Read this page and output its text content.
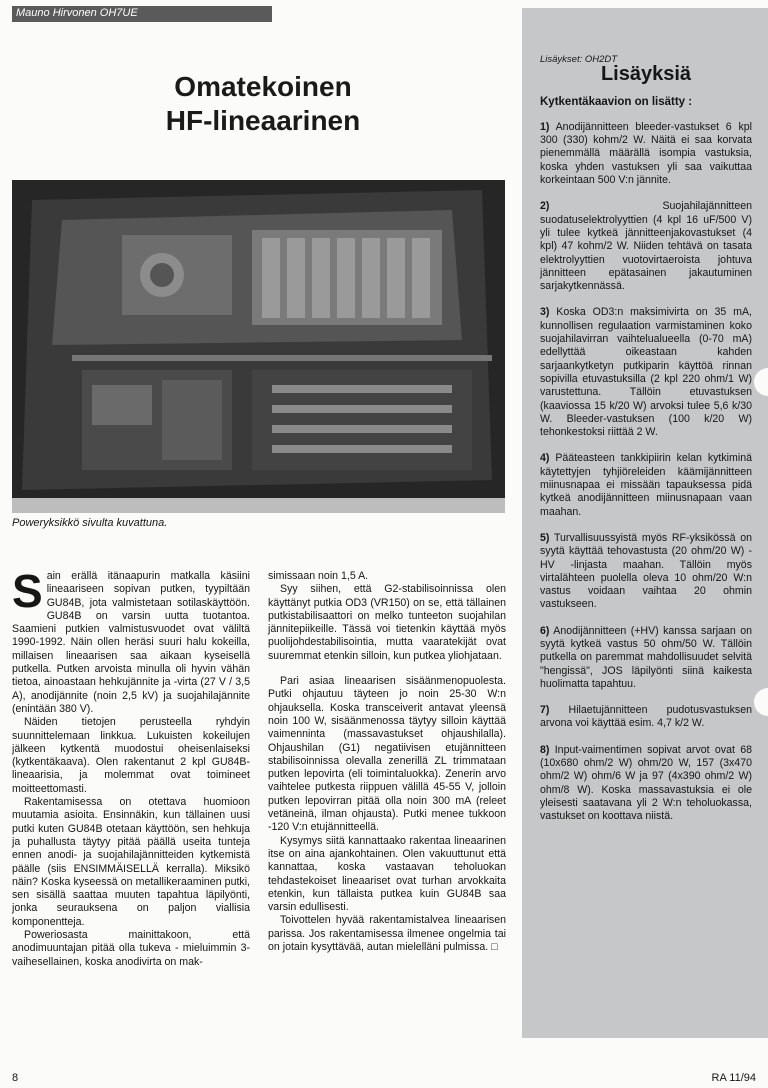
Mauno Hirvonen OH7UE
Omatekoinen
HF-lineaarinen
Poweryksikkö sivulta kuvattuna.

Sain erällä itänaapurin matkalla käsiini lineaariseen sopivan putken, tyypiltään GU84B, jota valmistetaan sotilaskäyttöön. GU84B on varsin uutta tuotantoa. Saamieni putkien valmistusvuodet ovat väliltä 1990-1992. Näin ollen heräsi suuri halu kokeilla, millaisen lineaarisen saa aikaan kyseisellä putkella. Putken arvoista minulla oli hyvin vähän tietoa, ainoastaan hehkujännite ja -virta (27 V / 3,5 A), anodijännite (noin 2,5 kV) ja suojahilajännite (enintään 380 V).

Näiden tietojen perusteella ryhdyin suunnittelemaan linkkua. Lukuisten kokeilujen jälkeen kytkentä muodostui oheisenlaiseksi (kytkentäkaava). Olen rakentanut 2 kpl GU84B-lineaarisia, ja molemmat ovat toimineet moitteettomasti.

Rakentamisessa on otettava huomioon muutamia asioita. Ensinnäkin, kun tällainen uusi putki kuten GU84B otetaan käyttöön, sen hehkuja ja puhallusta täytyy pitää päällä useita tunteja ennen anodi- ja suojahilajännitteiden kytkemistä päälle (siis ENSIMMÄISELLÄ kerralla). Miksikö näin? Koska kyseessä on metallikeraaminen putki, sen sisällä saattaa muuten tapahtua läpilyönti, jonka seurauksena on paljon viallisia komponentteja.

Poweriosasta mainittakoon, että anodimuuntajan pitää olla tukeva - mieluimmin 3-vaihesellainen, koska anodivirta on mak-

simissaan noin 1,5 A.

Syy siihen, että G2-stabilisoinnissa olen käyttänyt putkia OD3 (VR150) on se, että tällainen putkistabilisaattori on melko tunteeton suojahilan jännitepiikeille. Tässä voi tietenkin käyttää myös puolijohdestabilisointia, mutta vaaratekijät ovat suuremmat etenkin silloin, kun putkea yliohjataan.

Pari asiaa lineaarisen sisäänmenopuolesta. Putki ohjautuu täyteen jo noin 25-30 W:n ohjauksella. Koska transceiverit antavat yleensä noin 100 W, sisäänmenossa täytyy silloin käyttää vaimenninta (massavastukset ohjaushilalla). Ohjaushilan (G1) negatiivisen etujännitteen stabilisoinnissa olevalla zenerillä ZL trimmataan putken lepovirta (eli toimintaluokka). Zenerin arvo vaihtelee putkesta riippuen välillä 45-55 V, jolloin putken lepovirran pitää olla noin 300 mA (releet vetäneinä, ilman ohjausta). Putki menee tukkoon -120 V:n etujännitteellä.

Kysymys siitä kannattaako rakentaa lineaarinen itse on aina ajankohtainen. Olen vakuuttunut että kannattaa, koska vastaavan teholuokan tehdastekoiset lineaariset ovat turhan arvokkaita etenkin, kun tällaista putkea kuin GU84B saa varsin edullisesti.

Toivottelen hyvää rakentamistalvea lineaarisen parissa. Jos rakentamisessa ilmenee ongelmia tai on jotain kysyttävää, autan mielelläni pulmissa. □

Lisäykset: OH2DT
Lisäyksiä
Kytkentäkaavion on lisätty :
1) Anodijännitteen bleeder-vastukset 6 kpl 300 (330) kohm/2 W. Näitä ei saa korvata pienemmällä määrällä isompia vastuksia, koska yhden vastuksen yli saa vaikuttaa korkeintaan 500 V:n jännite.
2)	Suojahilajännitteen suodatuselektrolyyttien (4 kpl 16 uF/500 V) yli tulee kytkeä jännitteenjakovastukset (4 kpl) 47 kohm/2 W. Niiden tehtävä on tasata elektrolyyttien vuotovirtaeroista johtuva jännitteen epätasainen jakautuminen sarjakytkennässä.
3) Koska OD3:n maksimivirta on 35 mA, kunnollisen regulaation varmistaminen koko suojahilavirran vaihtelualueella (0-70 mA) edellyttää oikeastaan kahden sarjaankytketyn putkiparin käyttöä rinnan sopivilla etuvastuksilla (2 kpl 220 ohm/1 W) varustettuna. Tällöin etuvastuksen (kaaviossa 15 k/20 W) arvoksi tulee 5,6 k/30 W. Bleeder-vastuksen (100 k/20 W) tehonkestoksi riittää 2 W.
4) Pääteasteen tankkipiirin kelan kytkiminä käytettyjen tyhjiöreleiden käämijännitteen miinusnapaa ei missään tapauksessa pidä kytkeä anodijännitteen miinusnapaan vaan maahan.
5) Turvallisuussyistä myös RF-yksikössä on syytä käyttää tehovastusta (20 ohm/20 W) -HV -linjasta maahan. Tällöin myös virtalähteen puolella oleva 10 ohm/20 W:n vastus voidaan vaihtaa 20 ohmin vastukseen.
6) Anodijännitteen (+HV) kanssa sarjaan on syytä kytkeä vastus 50 ohm/50 W. Tällöin putkella on paremmat mahdollisuudet selvitä "hengissä", JOS läpilyönti siinä kaikesta huolimatta tapahtuu.
7) Hilaetujännitteen pudotusvastuksen arvona voi käyttää esim. 4,7 k/2 W.
8) Input-vaimentimen sopivat arvot ovat 68 (10x680 ohm/2 W) ohm/20 W, 157 (3x470 ohm/2 W) ohm/6 W ja 97 (4x390 ohm/2 W) ohm/8 W). Koska massavastuksia ei ole yleisesti saatavana yli 2 W:n teholuokassa, vastukset on koottava niistä.
8	RA 11/94
